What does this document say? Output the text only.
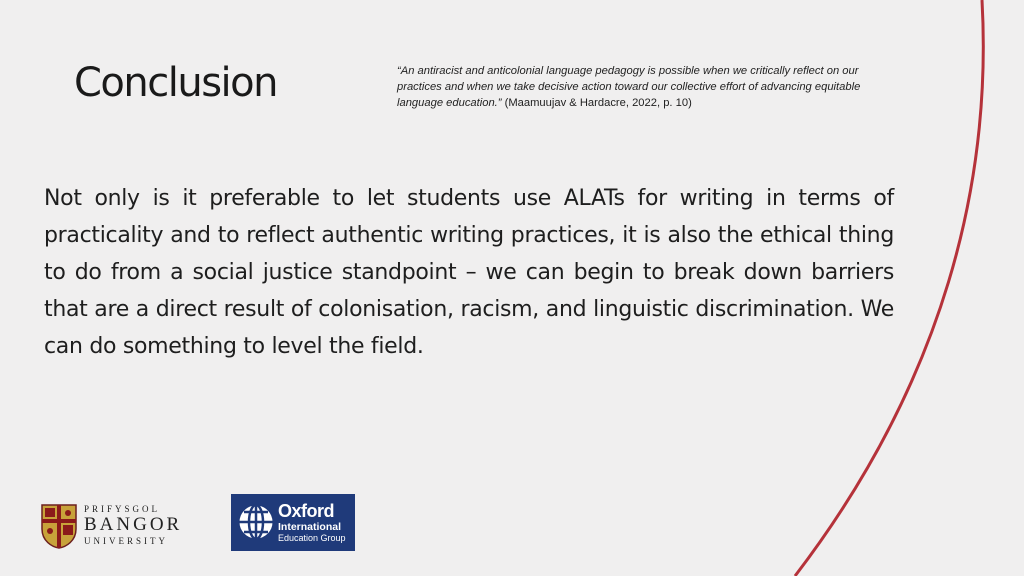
Conclusion	“An antiracist and anticolonial language pedagogy is possible when we critically reflect on our practices and when we take decisive action toward our collective effort of advancing equitable language education.” (Maamuujav & Hardacre, 2022, p. 10)

Not only is it preferable to let students use ALATs for writing in terms of practicality and to reflect authentic writing practices, it is also the ethical thing to do from a social justice standpoint – we can begin to break down barriers that are a direct result of colonisation, racism, and linguistic discrimination. We can do something to level the field.

PRIFYSGOL
BANGOR
UNIVERSITY
Oxford
International
Education Group
